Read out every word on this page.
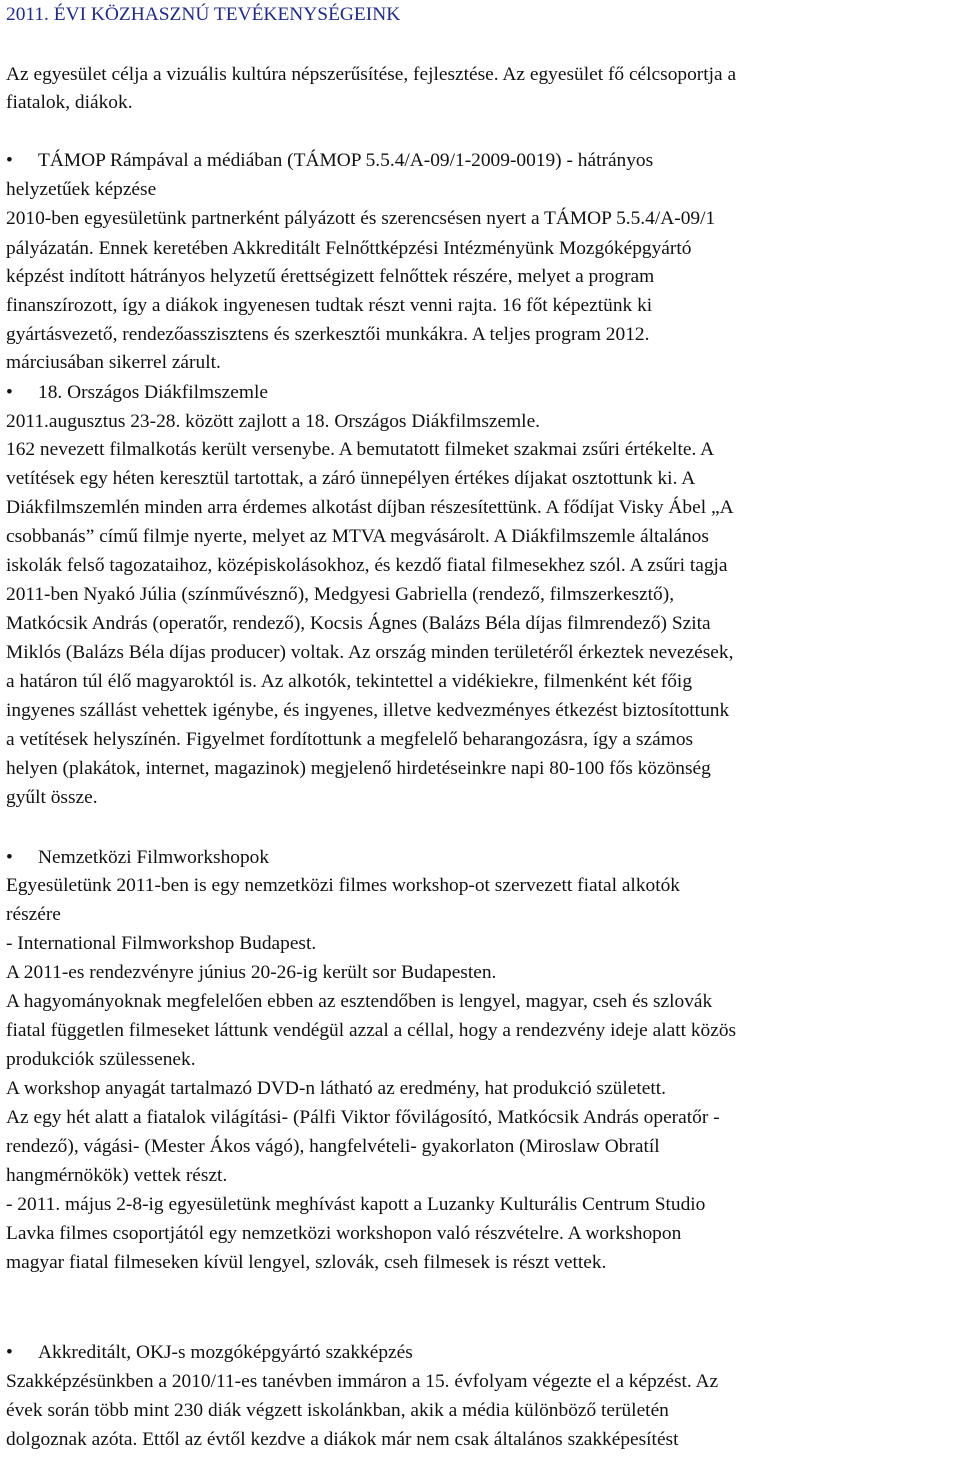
2011. ÉVI KÖZHASZNÚ TEVÉKENYSÉGEINK
Az egyesület célja a vizuális kultúra népszerűsítése, fejlesztése. Az egyesület fő célcsoportja a
fiatalok, diákok.
• TÁMOP Rámpával a médiában (TÁMOP 5.5.4/A-09/1-2009-0019) - hátrányos
helyzetűek képzése
2010-ben egyesületünk partnerként pályázott és szerencsésen nyert a TÁMOP 5.5.4/A-09/1
pályázatán. Ennek keretében Akkreditált Felnőttképzési Intézményünk Mozgóképgyártó
képzést indított hátrányos helyzetű érettségizett felnőttek részére, melyet a program
finanszírozott, így a diákok ingyenesen tudtak részt venni rajta. 16 főt képeztünk ki
gyártásvezető, rendezőasszisztens és szerkesztői munkákra. A teljes program 2012.
márciusában sikerrel zárult.
• 18. Országos Diákfilmszemle
2011.augusztus 23-28. között zajlott a 18. Országos Diákfilmszemle.
162 nevezett filmalkotás került versenybe. A bemutatott filmeket szakmai zsűri értékelte. A
vetítések egy héten keresztül tartottak, a záró ünnepélyen értékes díjakat osztottunk ki. A
Diákfilmszemlén minden arra érdemes alkotást díjban részesítettünk. A fődíjat Visky Ábel „A
csobbanás” című filmje nyerte, melyet az MTVA megvásárolt. A Diákfilmszemle általános
iskolák felső tagozataihoz, középiskolásokhoz, és kezdő fiatal filmesekhez szól. A zsűri tagja
2011-ben Nyakó Júlia (színművésznő), Medgyesi Gabriella (rendező, filmszerkesztő),
Matkócsik András (operatőr, rendező), Kocsis Ágnes (Balázs Béla díjas filmrendező) Szita
Miklós (Balázs Béla díjas producer) voltak. Az ország minden területéről érkeztek nevezések,
a határon túl élő magyaroktól is. Az alkotók, tekintettel a vidékiekre, filmenként két főig
ingyenes szállást vehettek igénybe, és ingyenes, illetve kedvezményes étkezést biztosítottunk
a vetítések helyszínén. Figyelmet fordítottunk a megfelelő beharangozásra, így a számos
helyen (plakátok, internet, magazinok) megjelenő hirdetéseinkre napi 80-100 fős közönség
gyűlt össze.
• Nemzetközi Filmworkshopok
Egyesületünk 2011-ben is egy nemzetközi filmes workshop-ot szervezett fiatal alkotók
részére
- International Filmworkshop Budapest.
A 2011-es rendezvényre június 20-26-ig került sor Budapesten.
A hagyományoknak megfelelően ebben az esztendőben is lengyel, magyar, cseh és szlovák
fiatal független filmeseket láttunk vendégül azzal a céllal, hogy a rendezvény ideje alatt közös
produkciók szülessenek.
A workshop anyagát tartalmazó DVD-n látható az eredmény, hat produkció született.
Az egy hét alatt a fiatalok világítási- (Pálfi Viktor fővilágosító, Matkócsik András operatőr -
rendező), vágási- (Mester Ákos vágó), hangfelvételi- gyakorlaton (Miroslaw Obratíl
hangmérnökök) vettek részt.
- 2011. május 2-8-ig egyesületünk meghívást kapott a Luzanky Kulturális Centrum Studio
Lavka filmes csoportjától egy nemzetközi workshopon való részvételre. A workshopon
magyar fiatal filmeseken kívül lengyel, szlovák, cseh filmesek is részt vettek.
• Akkreditált, OKJ-s mozgóképgyártó szakképzés
Szakképzésünkben a 2010/11-es tanévben immáron a 15. évfolyam végezte el a képzést. Az
évek során több mint 230 diák végzett iskolánkban, akik a média különböző területén
dolgoznak azóta. Ettől az évtől kezdve a diákok már nem csak általános szakképesítést
